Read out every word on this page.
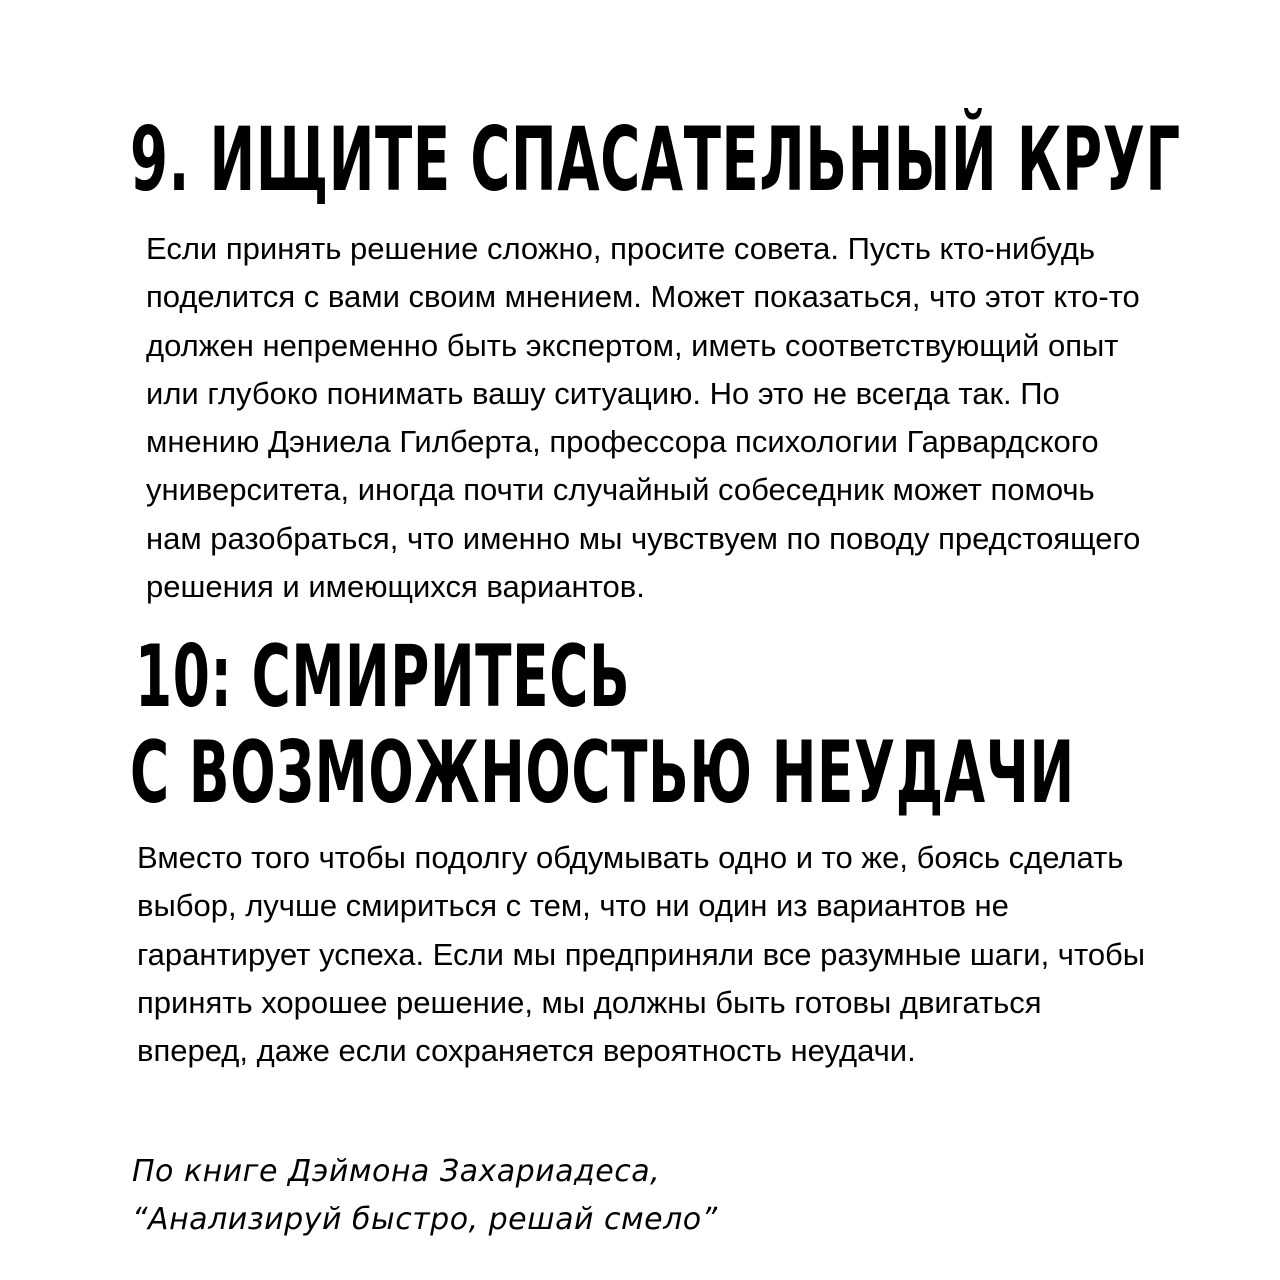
9. ИЩИТЕ СПАСАТЕЛЬНЫЙ КРУГ

Если принять решение сложно, просите совета. Пусть кто-нибудь
поделится с вами своим мнением. Может показаться, что этот кто-то
должен непременно быть экспертом, иметь соответствующий опыт
или глубоко понимать вашу ситуацию. Но это не всегда так. По
мнению Дэниела Гилберта, профессора психологии Гарвардского
университета, иногда почти случайный собеседник может помочь
нам разобраться, что именно мы чувствуем по поводу предстоящего
решения и имеющихся вариантов.

10: СМИРИТЕСЬ
С ВОЗМОЖНОСТЬЮ НЕУДАЧИ

Вместо того чтобы подолгу обдумывать одно и то же, боясь сделать
выбор, лучше смириться с тем, что ни один из вариантов не
гарантирует успеха. Если мы предприняли все разумные шаги, чтобы
принять хорошее решение, мы должны быть готовы двигаться
вперед, даже если сохраняется вероятность неудачи.

По книге Дэймона Захариадеса,
“Анализируй быстро, решай смело”
